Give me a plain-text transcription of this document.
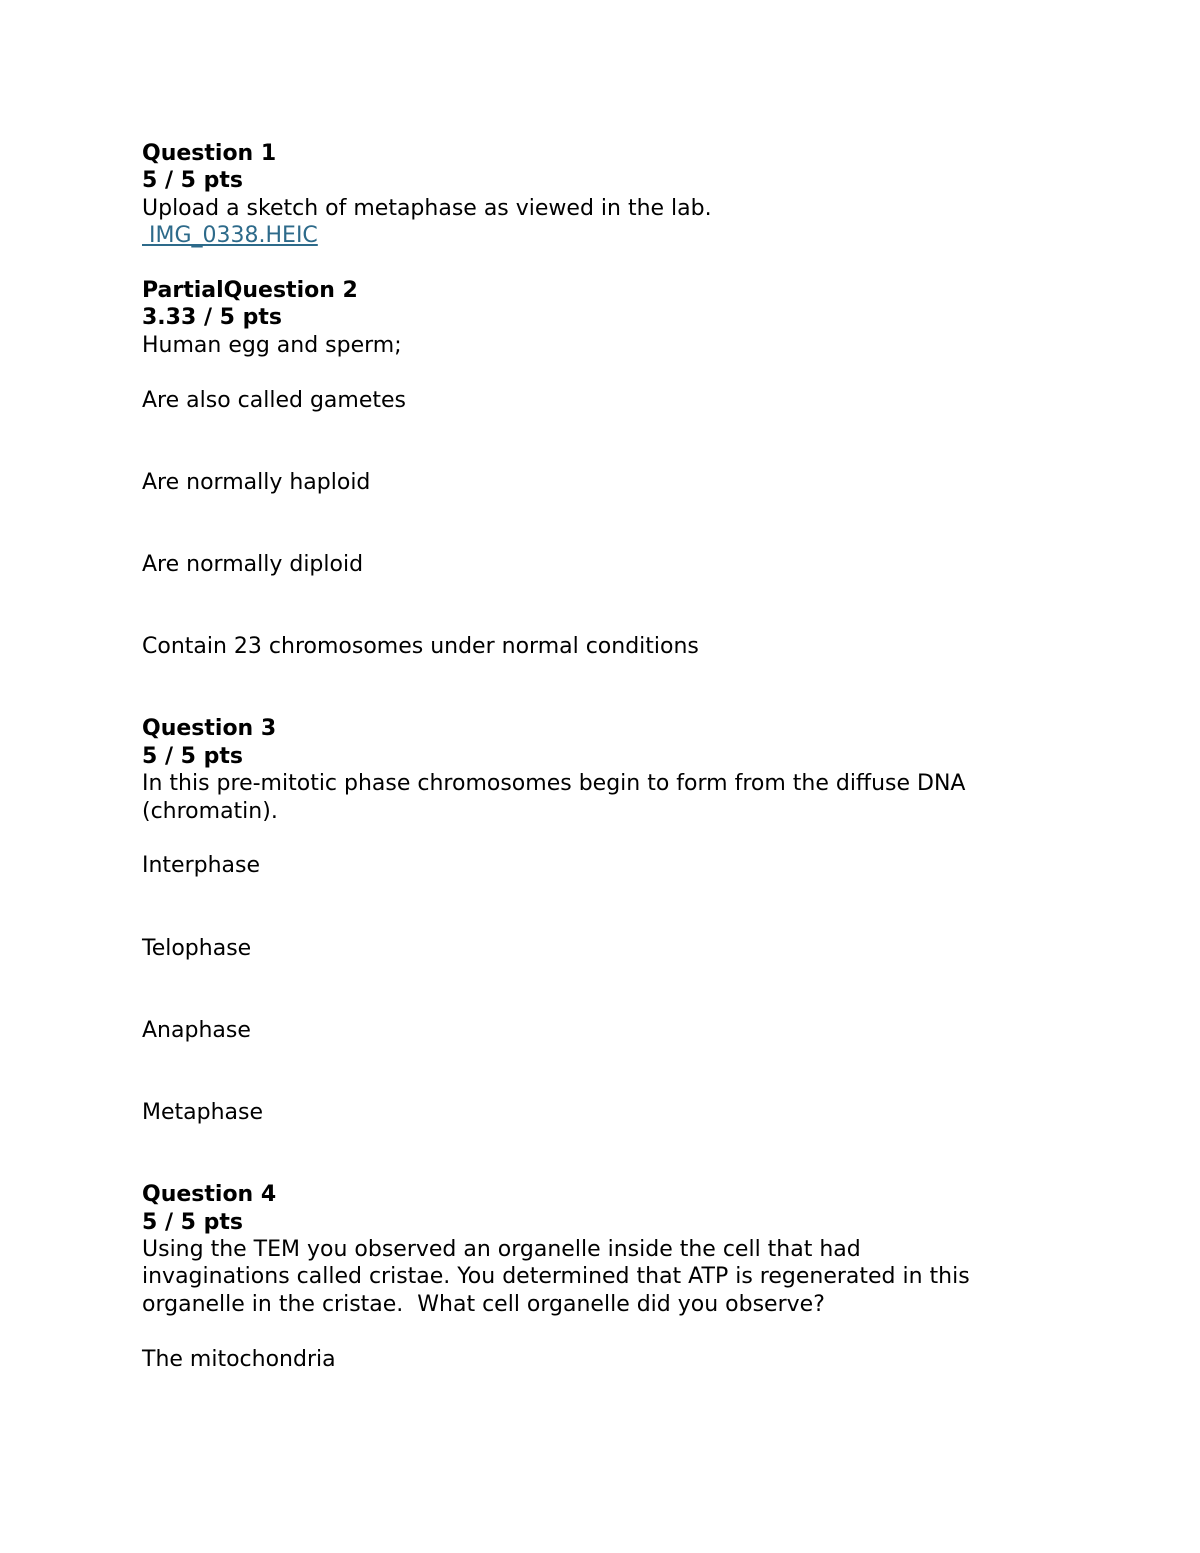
Question 1
5 / 5 pts
Upload a sketch of metaphase as viewed in the lab.
IMG_0338.HEIC
PartialQuestion 2
3.33 / 5 pts
Human egg and sperm;
Are also called gametes
Are normally haploid
Are normally diploid
Contain 23 chromosomes under normal conditions
Question 3
5 / 5 pts
In this pre-mitotic phase chromosomes begin to form from the diffuse DNA
(chromatin).
Interphase
Telophase
Anaphase
Metaphase
Question 4
5 / 5 pts
Using the TEM you observed an organelle inside the cell that had
invaginations called cristae. You determined that ATP is regenerated in this
organelle in the cristae.  What cell organelle did you observe?
The mitochondria
